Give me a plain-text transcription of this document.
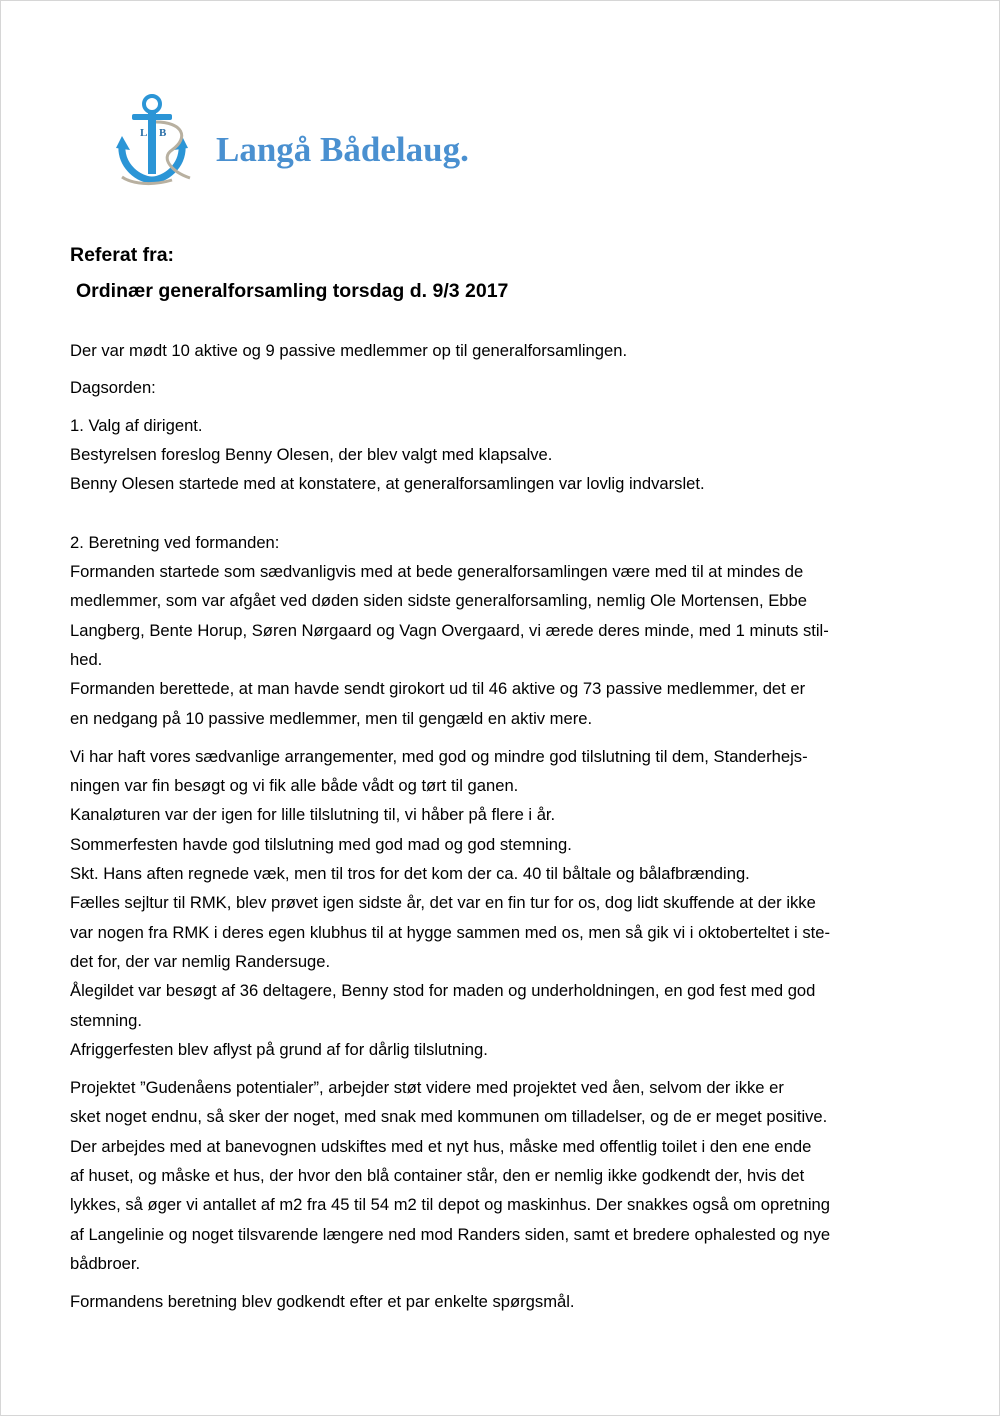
L B Langå Bådelaug.

Referat fra:

Ordinær generalforsamling torsdag d. 9/3 2017

Der var mødt 10 aktive og 9 passive medlemmer op til generalforsamlingen.

Dagsorden:

1. Valg af dirigent.

Bestyrelsen foreslog Benny Olesen, der blev valgt med klapsalve.

Benny Olesen startede med at konstatere, at generalforsamlingen var lovlig indvarslet.

2. Beretning ved formanden:

Formanden startede som sædvanligvis med at bede generalforsamlingen være med til at mindes de

medlemmer, som var afgået ved døden siden sidste generalforsamling, nemlig Ole Mortensen, Ebbe

Langberg, Bente Horup, Søren Nørgaard og Vagn Overgaard, vi ærede deres minde, med 1 minuts stil-

hed.

Formanden berettede, at man havde sendt girokort ud til 46 aktive og 73 passive medlemmer, det er

en nedgang på 10 passive medlemmer, men til gengæld en aktiv mere.

Vi har haft vores sædvanlige arrangementer, med god og mindre god tilslutning til dem, Standerhejs-

ningen var fin besøgt og vi fik alle både vådt og tørt til ganen.

Kanaløturen var der igen for lille tilslutning til, vi håber på flere i år.

Sommerfesten havde god tilslutning med god mad og god stemning.

Skt. Hans aften regnede væk, men til tros for det kom der ca. 40 til båltale og bålafbrænding.

Fælles sejltur til RMK, blev prøvet igen sidste år, det var en fin tur for os, dog lidt skuffende at der ikke

var nogen fra RMK i deres egen klubhus til at hygge sammen med os, men så gik vi i oktoberteltet i ste-

det for, der var nemlig Randersuge.

Ålegildet var besøgt af 36 deltagere, Benny stod for maden og underholdningen, en god fest med god

stemning.

Afriggerfesten blev aflyst på grund af for dårlig tilslutning.

Projektet ”Gudenåens potentialer”, arbejder støt videre med projektet ved åen, selvom der ikke er

sket noget endnu, så sker der noget, med snak med kommunen om tilladelser, og de er meget positive.

Der arbejdes med at banevognen udskiftes med et nyt hus, måske med offentlig toilet i den ene ende

af huset, og måske et hus, der hvor den blå container står, den er nemlig ikke godkendt der, hvis det

lykkes, så øger vi antallet af m2 fra 45 til 54 m2 til depot og maskinhus. Der snakkes også om opretning

af Langelinie og noget tilsvarende længere ned mod Randers siden, samt et bredere ophalested og nye

bådbroer.

Formandens beretning blev godkendt efter et par enkelte spørgsmål.
